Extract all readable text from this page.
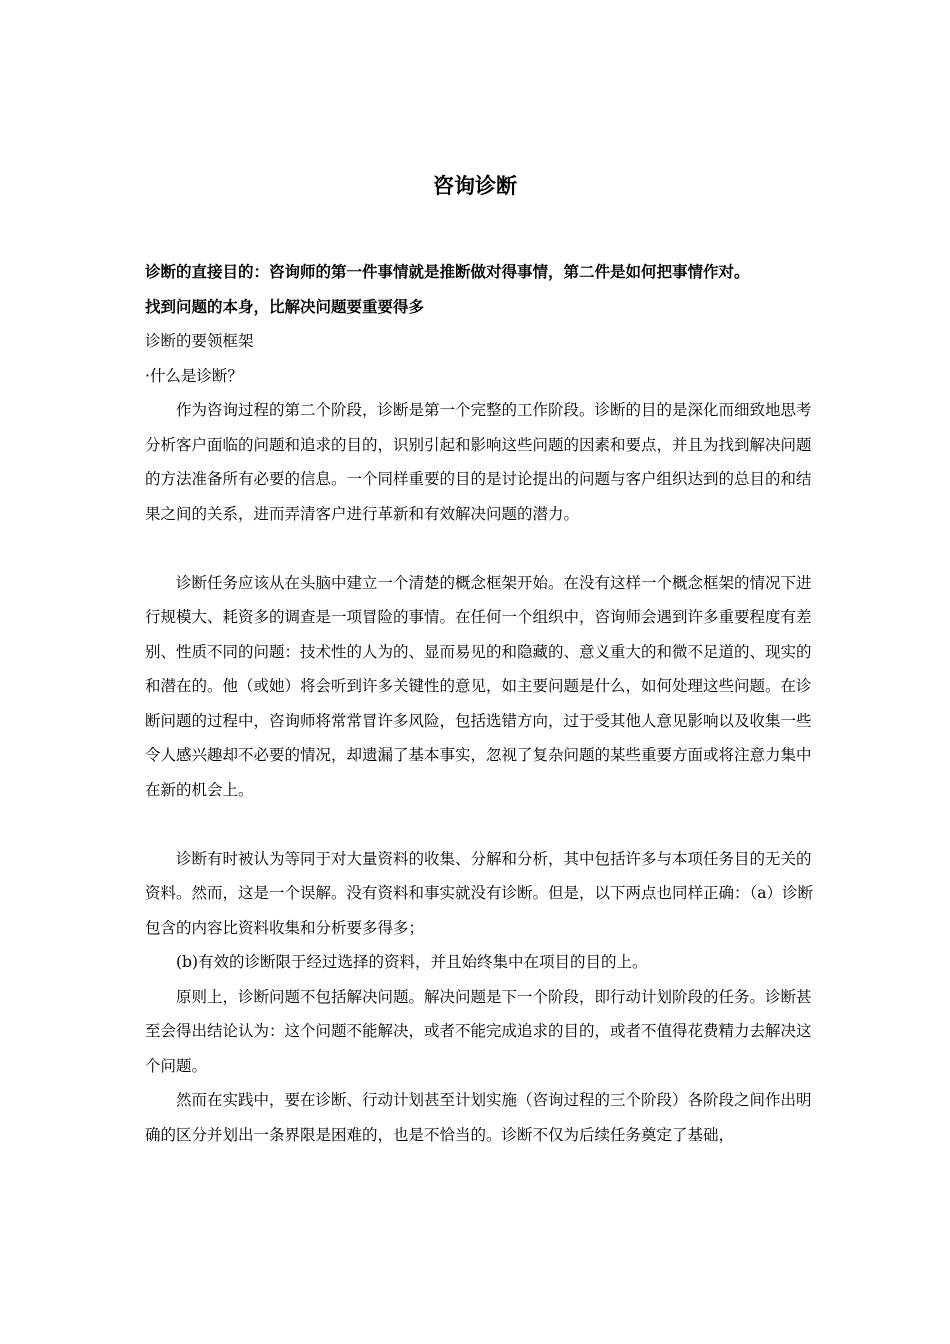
咨询诊断

诊断的直接目的：咨询师的第一件事情就是推断做对得事情，第二件是如何把事情作对。

找到问题的本身，比解决问题要重要得多

诊断的要领框架

·什么是诊断？

作为咨询过程的第二个阶段，诊断是第一个完整的工作阶段。诊断的目的是深化而细致地思考分析客户面临的问题和追求的目的，识别引起和影响这些问题的因素和要点，并且为找到解决问题的方法准备所有必要的信息。一个同样重要的目的是讨论提出的问题与客户组织达到的总目的和结果之间的关系，进而弄清客户进行革新和有效解决问题的潜力。

诊断任务应该从在头脑中建立一个清楚的概念框架开始。在没有这样一个概念框架的情况下进行规模大、耗资多的调查是一项冒险的事情。在任何一个组织中，咨询师会遇到许多重要程度有差别、性质不同的问题：技术性的人为的、显而易见的和隐藏的、意义重大的和微不足道的、现实的和潜在的。他（或她）将会听到许多关键性的意见，如主要问题是什么，如何处理这些问题。在诊断问题的过程中，咨询师将常常冒许多风险，包括选错方向，过于受其他人意见影响以及收集一些令人感兴趣却不必要的情况，却遗漏了基本事实，忽视了复杂问题的某些重要方面或将注意力集中在新的机会上。

诊断有时被认为等同于对大量资料的收集、分解和分析，其中包括许多与本项任务目的无关的资料。然而，这是一个误解。没有资料和事实就没有诊断。但是，以下两点也同样正确：（a）诊断包含的内容比资料收集和分析要多得多；

(b)有效的诊断限于经过选择的资料，并且始终集中在项目的目的上。

原则上，诊断问题不包括解决问题。解决问题是下一个阶段，即行动计划阶段的任务。诊断甚至会得出结论认为：这个问题不能解决，或者不能完成追求的目的，或者不值得花费精力去解决这个问题。

然而在实践中，要在诊断、行动计划甚至计划实施（咨询过程的三个阶段）各阶段之间作出明确的区分并划出一条界限是困难的，也是不恰当的。诊断不仅为后续任务奠定了基础，
